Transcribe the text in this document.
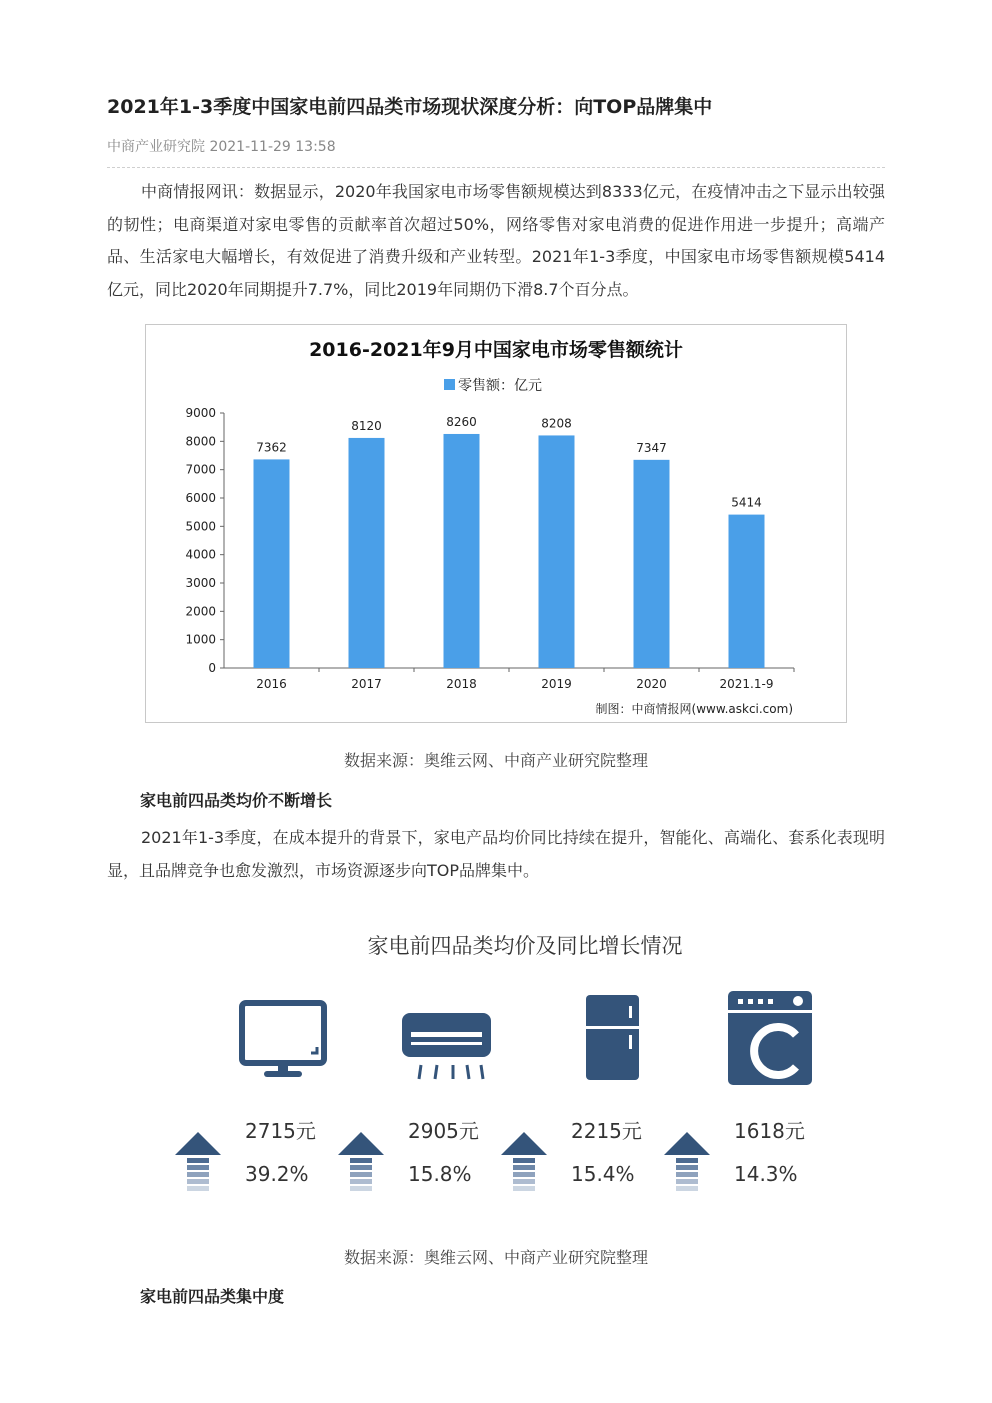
2021年1-3季度中国家电前四品类市场现状深度分析：向TOP品牌集中
中商产业研究院 2021-11-29 13:58
中商情报网讯：数据显示，2020年我国家电市场零售额规模达到8333亿元，在疫情冲击之下显示出较强的韧性；电商渠道对家电零售的贡献率首次超过50%，网络零售对家电消费的促进作用进一步提升；高端产品、生活家电大幅增长，有效促进了消费升级和产业转型。2021年1-3季度，中国家电市场零售额规模5414亿元，同比2020年同期提升7.7%，同比2019年同期仍下滑8.7个百分点。
2016-2021年9月中国家电市场零售额统计
零售额：亿元
0
1000
2000
3000
4000
5000
6000
7000
8000
9000
2016	2017	2018	2019	2020	2021.1-9
7362
8120	8260	8208
7347
5414
制图：中商情报网(www.askci.com)
数据来源：奥维云网、中商产业研究院整理
家电前四品类均价不断增长
2021年1-3季度，在成本提升的背景下，家电产品均价同比持续在提升，智能化、高端化、套系化表现明显，且品牌竞争也愈发激烈，市场资源逐步向TOP品牌集中。
家电前四品类均价及同比增长情况
2715元
39.2%
2905元
15.8%
2215元
15.4%
1618元
14.3%
数据来源：奥维云网、中商产业研究院整理
家电前四品类集中度
